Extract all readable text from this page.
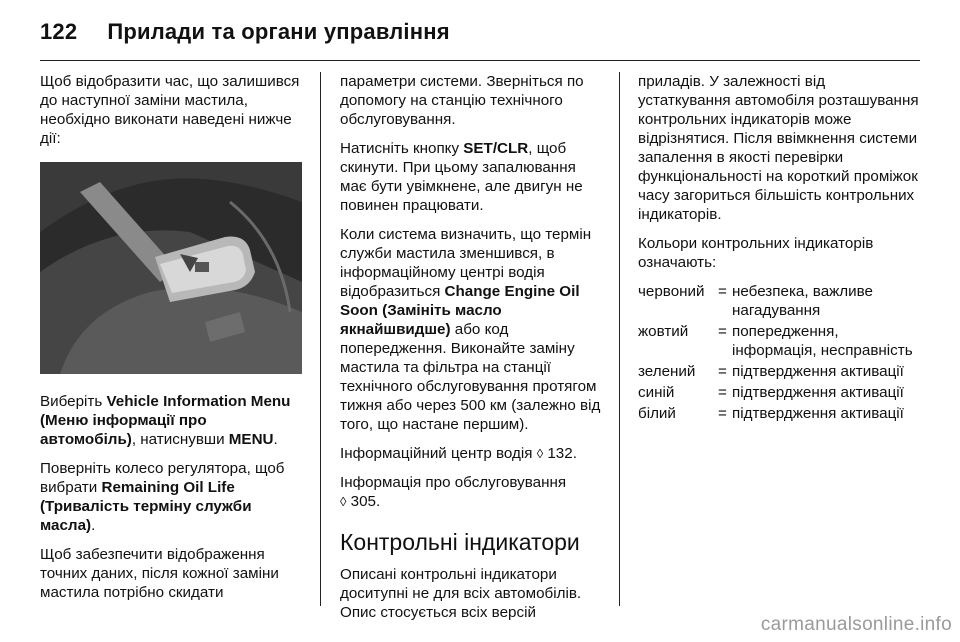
122 Прилади та органи управління

Щоб відобразити час, що залишився до наступної заміни мастила, необхідно виконати наведені нижче дії:

Виберіть Vehicle Information Menu (Меню інформації про автомобіль), натиснувши MENU.

Поверніть колесо регулятора, щоб вибрати Remaining Oil Life (Тривалість терміну служби масла).

Щоб забезпечити відображення точних даних, після кожної заміни мастила потрібно скидати

параметри системи. Зверніться по допомогу на станцію технічного обслуговування.

Натисніть кнопку SET/CLR, щоб скинути. При цьому запалювання має бути увімкнене, але двигун не повинен працювати.

Коли система визначить, що термін служби мастила зменшився, в інформаційному центрі водія відобразиться Change Engine Oil Soon (Замініть масло якнайшвидше) або код попередження. Виконайте заміну мастила та фільтра на станції технічного обслуговування протягом тижня або через 500 км (залежно від того, що настане першим).

Інформаційний центр водія ◊ 132.

Інформація про обслуговування
◊ 305.

Контрольні індикатори

Описані контрольні індикатори доситупні не для всіх автомобілів. Опис стосується всіх версій

приладів. У залежності від устаткування автомобіля розташування контрольних індикаторів може відрізнятися. Після ввімкнення системи запалення в якості перевірки функціональності на короткий проміжок часу загориться більшість контрольних індикаторів.

Кольори контрольних індикаторів означають:

червоний	=	небезпека, важливе нагадування
жовтий	=	попередження, інформація, несправність
зелений	=	підтвердження активації
синій	=	підтвердження активації
білий	=	підтвердження активації
carmanualsonline.info
